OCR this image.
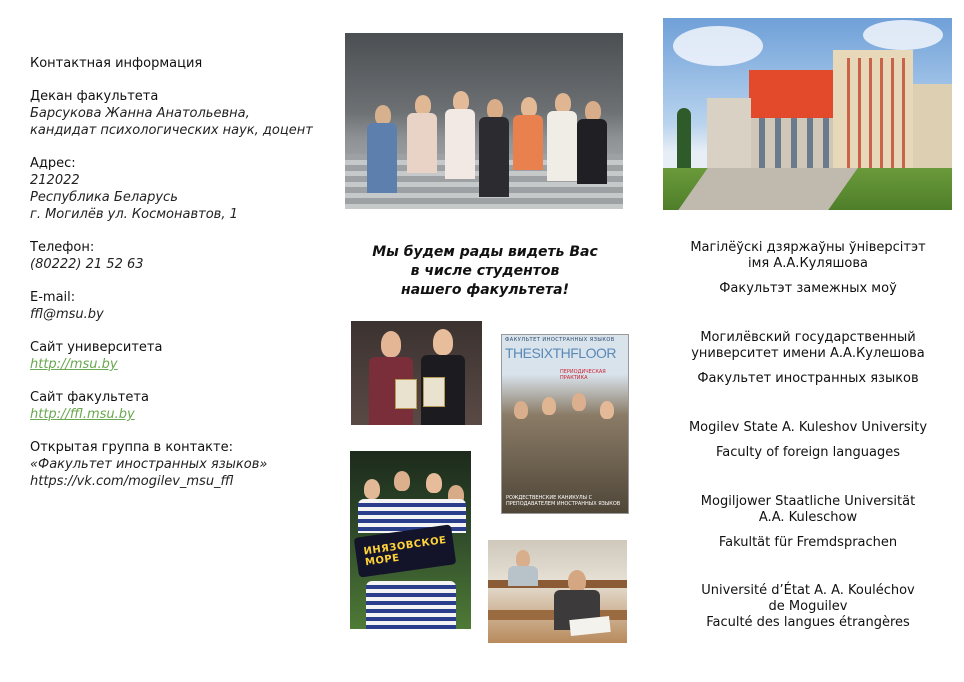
Контактная информация
Декан факультета
Барсукова Жанна Анатольевна,
кандидат психологических наук, доцент
Адрес:
212022
Республика Беларусь
г. Могилёв ул. Космонавтов, 1
Телефон:
(80222) 21 52 63
E-mail:
ffl@msu.by
Сайт университета
http://msu.by
Сайт факультета
http://ffl.msu.by
Открытая группа в контакте:
«Факультет иностранных языков»
https://vk.com/mogilev_msu_ffl
Мы будем рады видеть Вас
в числе студентов
нашего факультета!
ФАКУЛЬТЕТ ИНОСТРАННЫХ ЯЗЫКОВ
THESIXTHFLOOR
ПЕРИОДИЧЕСКАЯ ПРАКТИКА
РОЖДЕСТВЕНСКИЕ КАНИКУЛЫ С ПРЕПОДАВАТЕЛЕМ ИНОСТРАННЫХ ЯЗЫКОВ
ИНЯЗОВСКОЕ МОРЕ
Магілёўскі дзяржаўны ўніверсітэт
імя А.А.Куляшова
Факультэт замежных моў
Могилёвский государственный
университет имени А.А.Кулешова
Факультет иностранных языков
Mogilev State A. Kuleshov University
Faculty of foreign languages
Mogiljower Staatliche Universität
A.A. Kuleschow
Fakultät für Fremdsprachen
Université d’État A. A. Kouléchov
de Moguilev
Faculté des langues étrangères
